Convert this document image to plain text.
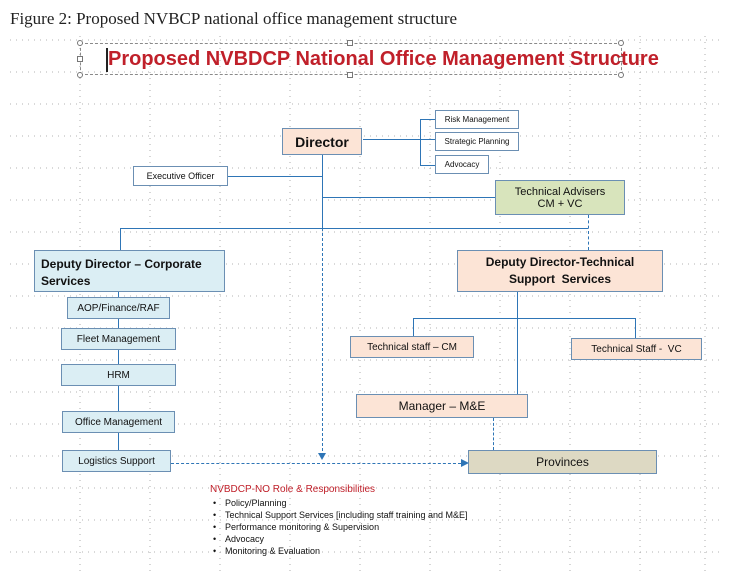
Figure 2: Proposed NVBCP national office management structure
Proposed NVBDCP National Office Management Structure
Director
Risk Management
Strategic Planning
Advocacy
Executive Officer
Technical Advisers
CM + VC
Deputy Director – Corporate
Services
Deputy Director-Technical
Support  Services
AOP/Finance/RAF
Fleet Management
HRM
Office Management
Logistics Support
Technical staff – CM	Technical Staff -  VC
Manager – M&E
Provinces
NVBDCP-NO Role & Responsibilities
• Policy/Planning
• Technical Support Services [including staff training and M&E]
• Performance monitoring & Supervision
• Advocacy
• Monitoring & Evaluation
